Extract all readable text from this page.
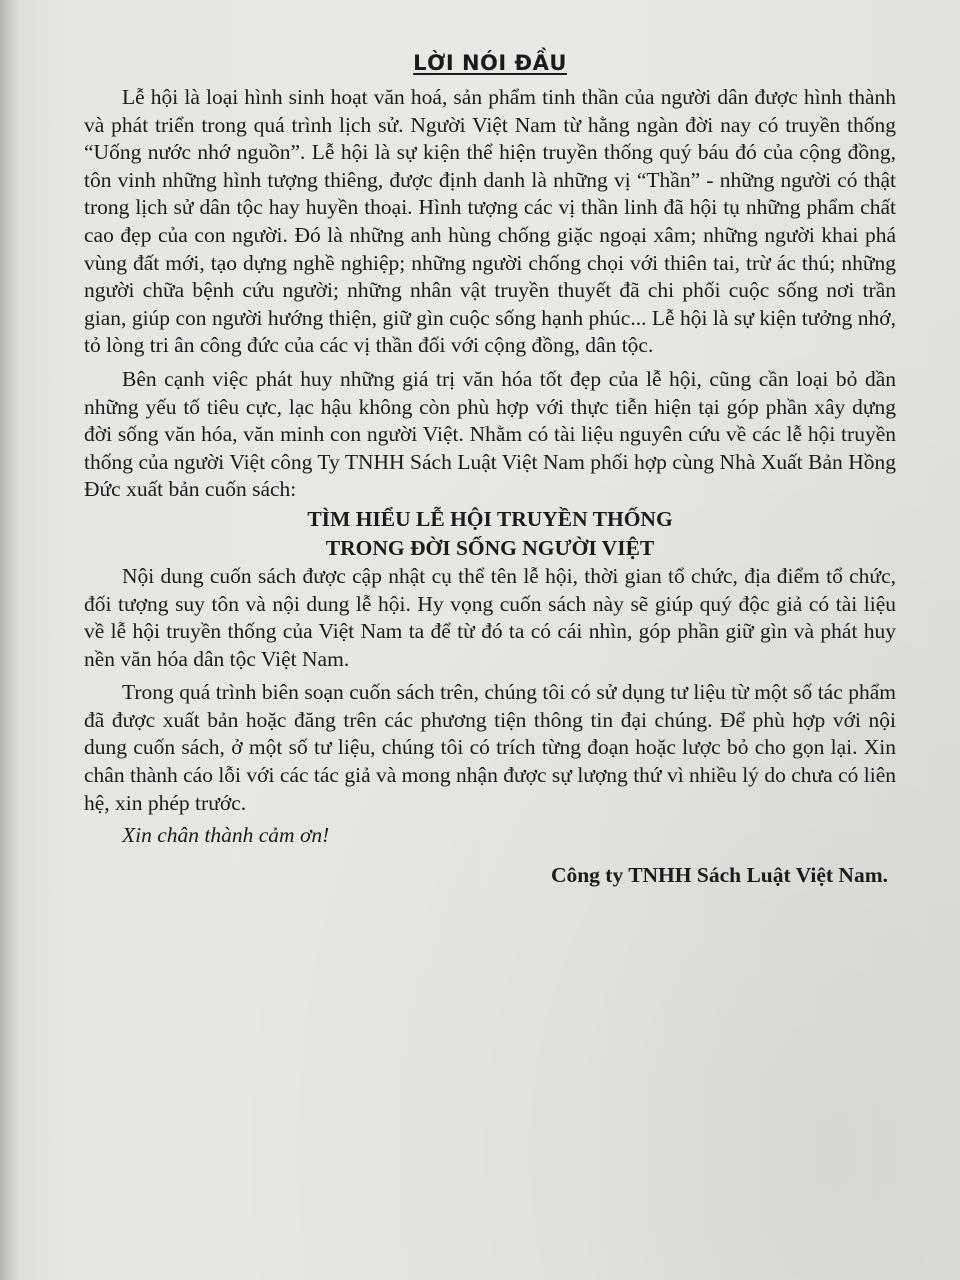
LỜI NÓI ĐẦU

Lễ hội là loại hình sinh hoạt văn hoá, sản phẩm tinh thần của người dân được hình thành và phát triển trong quá trình lịch sử. Người Việt Nam từ hằng ngàn đời nay có truyền thống “Uống nước nhớ nguồn”. Lễ hội là sự kiện thể hiện truyền thống quý báu đó của cộng đồng, tôn vinh những hình tượng thiêng, được định danh là những vị “Thần” - những người có thật trong lịch sử dân tộc hay huyền thoại. Hình tượng các vị thần linh đã hội tụ những phẩm chất cao đẹp của con người. Đó là những anh hùng chống giặc ngoại xâm; những người khai phá vùng đất mới, tạo dựng nghề nghiệp; những người chống chọi với thiên tai, trừ ác thú; những người chữa bệnh cứu người; những nhân vật truyền thuyết đã chi phối cuộc sống nơi trần gian, giúp con người hướng thiện, giữ gìn cuộc sống hạnh phúc... Lễ hội là sự kiện tưởng nhớ, tỏ lòng tri ân công đức của các vị thần đối với cộng đồng, dân tộc.

Bên cạnh việc phát huy những giá trị văn hóa tốt đẹp của lễ hội, cũng cần loại bỏ dần những yếu tố tiêu cực, lạc hậu không còn phù hợp với thực tiễn hiện tại góp phần xây dựng đời sống văn hóa, văn minh con người Việt. Nhằm có tài liệu nguyên cứu về các lễ hội truyền thống của người Việt công Ty TNHH Sách Luật Việt Nam phối hợp cùng Nhà Xuất Bản Hồng Đức xuất bản cuốn sách:

TÌM HIỂU LỄ HỘI TRUYỀN THỐNG
TRONG ĐỜI SỐNG NGƯỜI VIỆT

Nội dung cuốn sách được cập nhật cụ thể tên lễ hội, thời gian tổ chức, địa điểm tổ chức, đối tượng suy tôn và nội dung lễ hội. Hy vọng cuốn sách này sẽ giúp quý độc giả có tài liệu về lễ hội truyền thống của Việt Nam ta để từ đó ta có cái nhìn, góp phần giữ gìn và phát huy nền văn hóa dân tộc Việt Nam.

Trong quá trình biên soạn cuốn sách trên, chúng tôi có sử dụng tư liệu từ một số tác phẩm đã được xuất bản hoặc đăng trên các phương tiện thông tin đại chúng. Để phù hợp với nội dung cuốn sách, ở một số tư liệu, chúng tôi có trích từng đoạn hoặc lược bỏ cho gọn lại. Xin chân thành cáo lỗi với các tác giả và mong nhận được sự lượng thứ vì nhiều lý do chưa có liên hệ, xin phép trước.

Xin chân thành cảm ơn!

Công ty TNHH Sách Luật Việt Nam.
